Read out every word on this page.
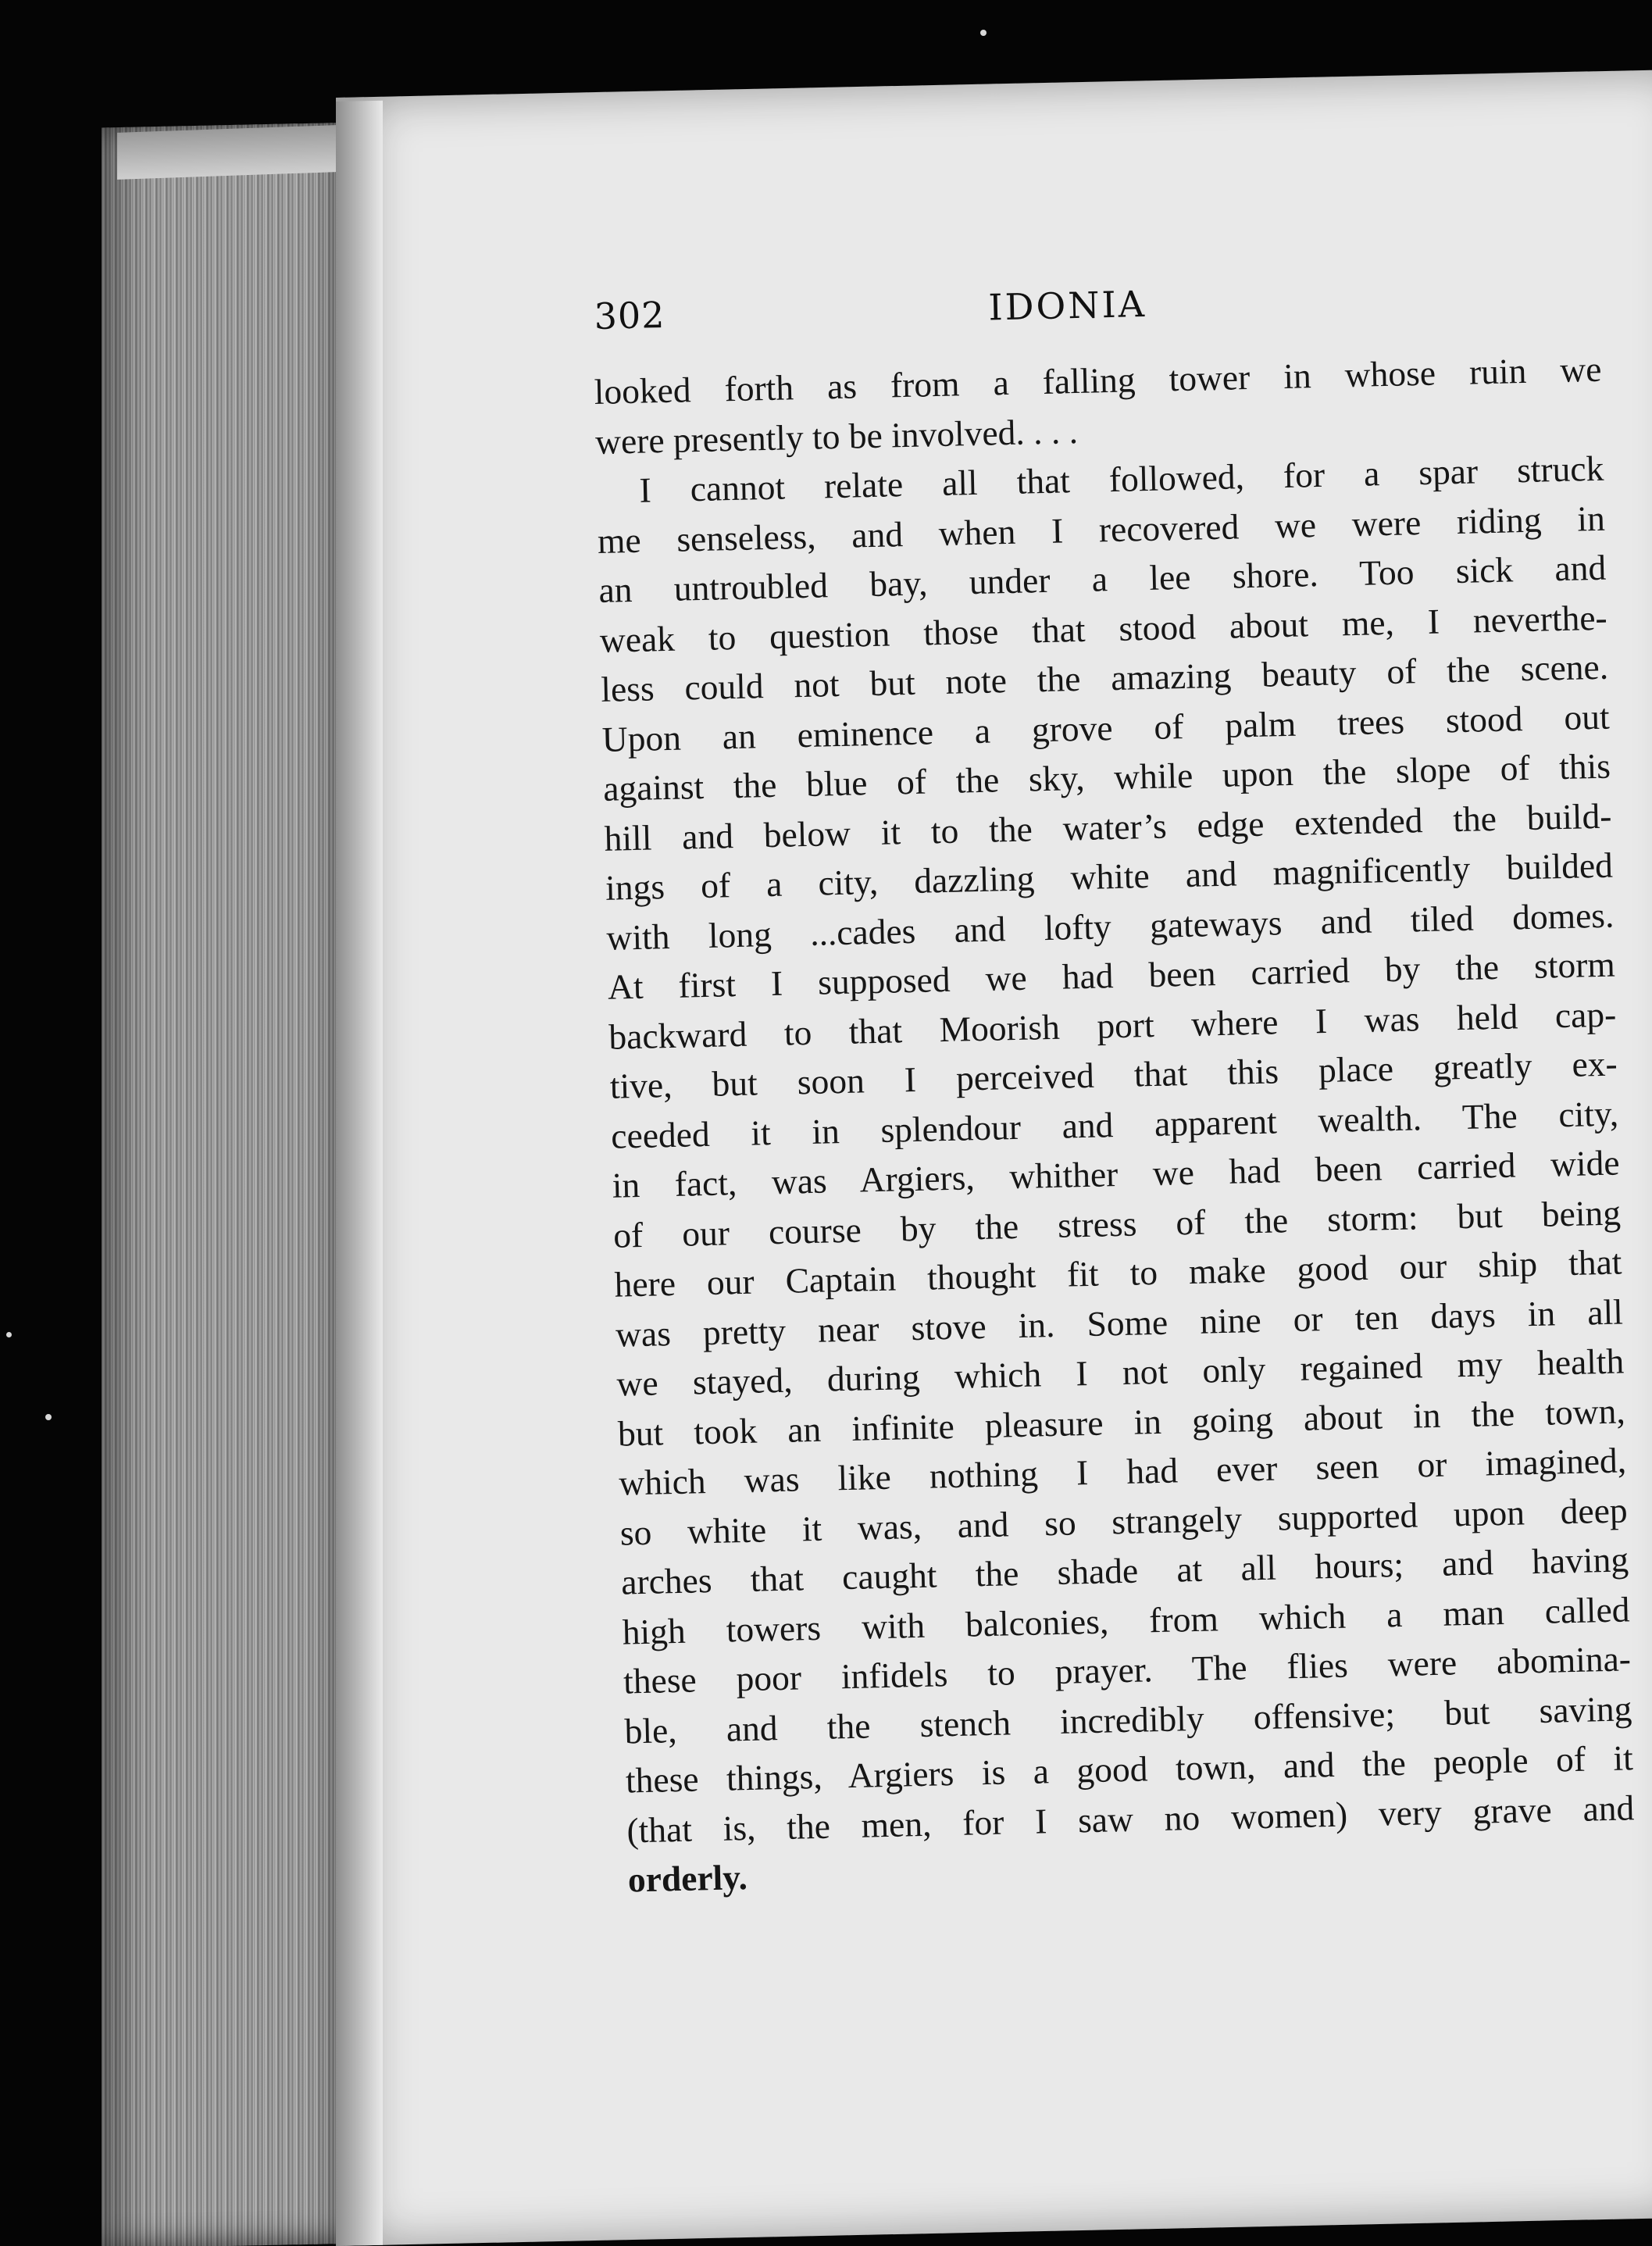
302	IDONIA
looked forth as from a falling tower in whose ruin we
were presently to be involved. . . .
I cannot relate all that followed, for a spar struck
me senseless, and when I recovered we were riding in
an untroubled bay, under a lee shore. Too sick and
weak to question those that stood about me, I neverthe-
less could not but note the amazing beauty of the scene.
Upon an eminence a grove of palm trees stood out
against the blue of the sky, while upon the slope of this
hill and below it to the water’s edge extended the build-
ings of a city, dazzling white and magnificently builded
with long ...cades and lofty gateways and tiled domes.
At first I supposed we had been carried by the storm
backward to that Moorish port where I was held cap-
tive, but soon I perceived that this place greatly ex-
ceeded it in splendour and apparent wealth. The city,
in fact, was Argiers, whither we had been carried wide
of our course by the stress of the storm: but being
here our Captain thought fit to make good our ship that
was pretty near stove in. Some nine or ten days in all
we stayed, during which I not only regained my health
but took an infinite pleasure in going about in the town,
which was like nothing I had ever seen or imagined,
so white it was, and so strangely supported upon deep
arches that caught the shade at all hours; and having
high towers with balconies, from which a man called
these poor infidels to prayer. The flies were abomina-
ble, and the stench incredibly offensive; but saving
these things, Argiers is a good town, and the people of it
(that is, the men, for I saw no women) very grave and
orderly.
